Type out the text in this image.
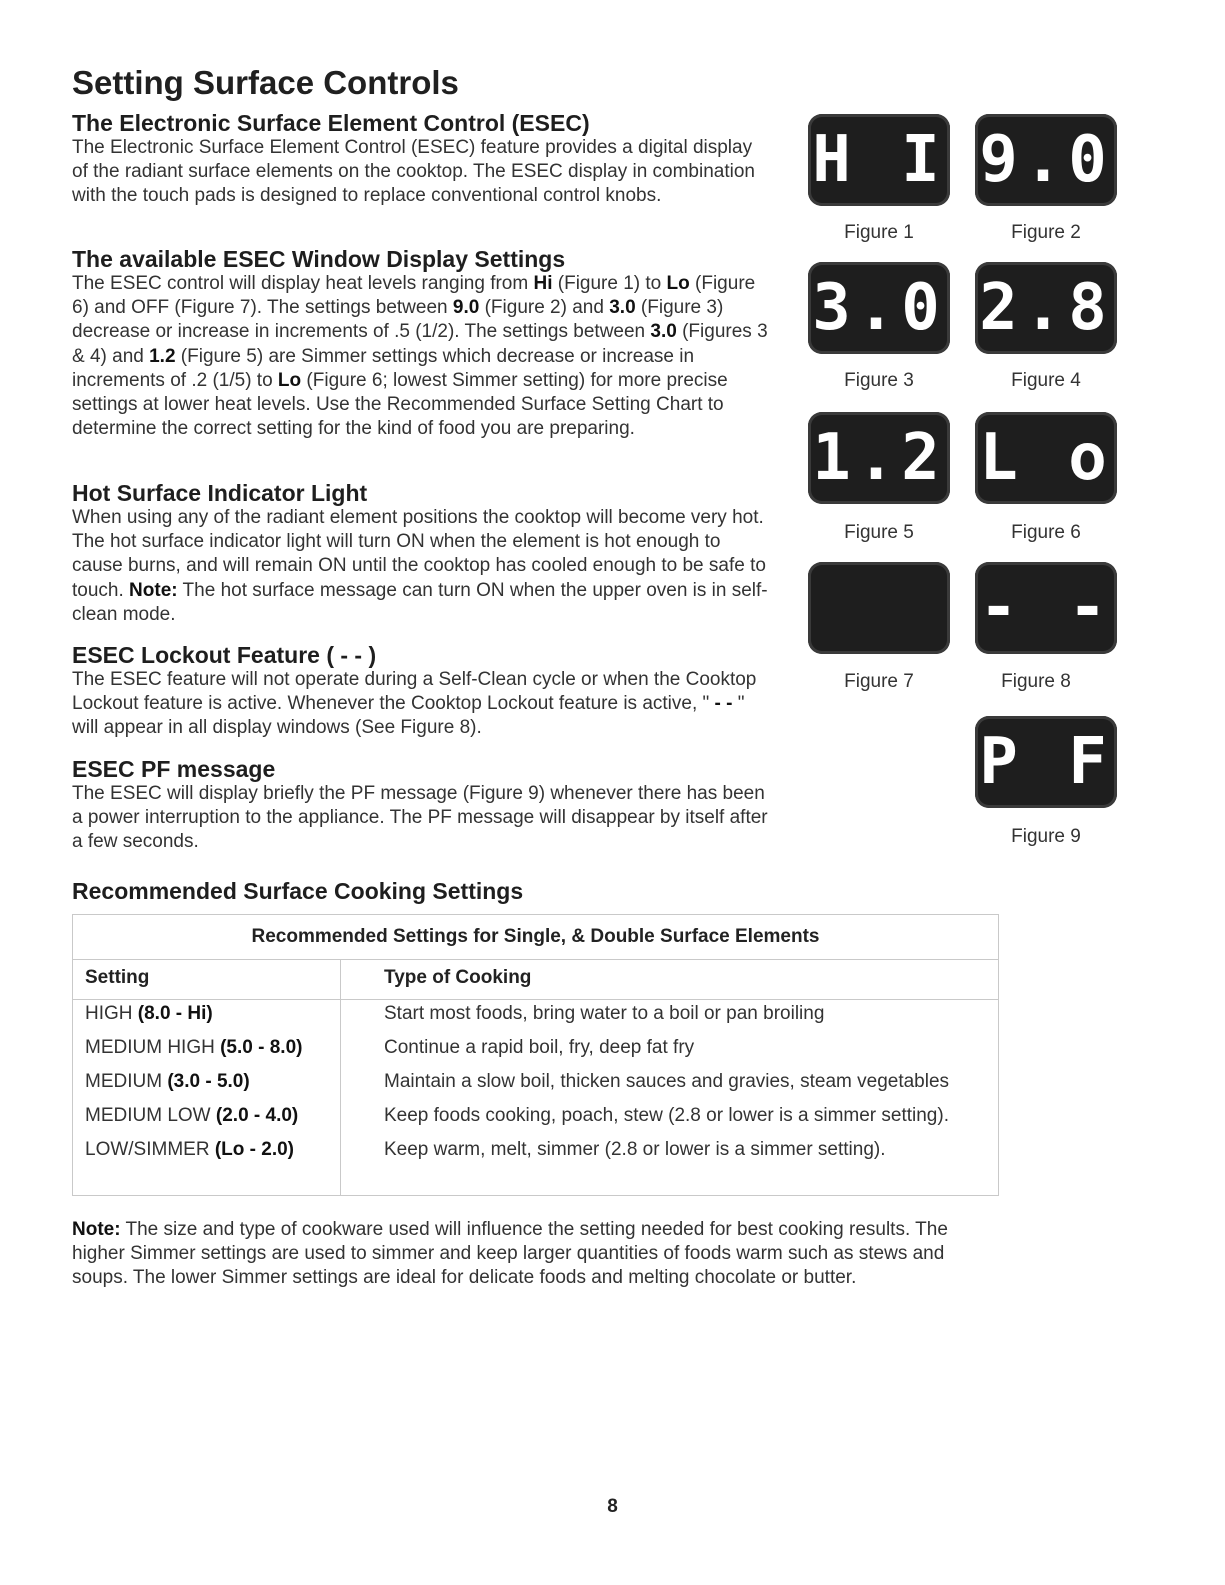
Setting Surface Controls
The Electronic Surface Element Control (ESEC)

The Electronic Surface Element Control (ESEC) feature provides a digital display of the radiant surface elements on the cooktop. The ESEC display in combination with the touch pads is designed to replace conventional control knobs.

The available ESEC Window Display Settings

The ESEC control will display heat levels ranging from Hi (Figure 1) to Lo (Figure 6) and OFF (Figure 7). The settings between 9.0 (Figure 2) and 3.0 (Figure 3) decrease or increase in increments of .5 (1/2). The settings between 3.0 (Figures 3 & 4) and 1.2 (Figure 5) are Simmer settings which decrease or increase in increments of .2 (1/5) to Lo (Figure 6; lowest Simmer setting) for more precise settings at lower heat levels. Use the Recommended Surface Setting Chart to determine the correct setting for the kind of food you are preparing.

Hot Surface Indicator Light

When using any of the radiant element positions the cooktop will become very hot. The hot surface indicator light will turn ON when the element is hot enough to cause burns, and will remain ON until the cooktop has cooled enough to be safe to touch. Note: The hot surface message can turn ON when the upper oven is in self-clean mode.

ESEC Lockout Feature ( - - )

The ESEC feature will not operate during a Self-Clean cycle or when the Cooktop Lockout feature is active. Whenever the Cooktop Lockout feature is active, " - - " will appear in all display windows (See Figure 8).

ESEC PF message

The ESEC will display briefly the PF message (Figure 9) whenever there has been a power interruption to the appliance. The PF message will disappear by itself after a few seconds.

H I
Figure 1
9.0
Figure 2
3.0
Figure 3
2.8
Figure 4
1.2
Figure 5
L o
Figure 6
Figure 7
- -
Figure 8
P F
Figure 9
Recommended Surface Cooking Settings
Recommended Settings for Single, & Double Surface Elements
Setting	Type of Cooking
HIGH (8.0 - Hi)	Start most foods, bring water to a boil or pan broiling
MEDIUM HIGH (5.0 - 8.0)	Continue a rapid boil, fry, deep fat fry
MEDIUM (3.0 - 5.0)	Maintain a slow boil, thicken sauces and gravies, steam vegetables
MEDIUM LOW (2.0 - 4.0)	Keep foods cooking, poach, stew (2.8 or lower is a simmer setting).
LOW/SIMMER (Lo - 2.0)	Keep warm, melt, simmer (2.8 or lower is a simmer setting).

Note: The size and type of cookware used will influence the setting needed for best cooking results. The higher Simmer settings are used to simmer and keep larger quantities of foods warm such as stews and soups. The lower Simmer settings are ideal for delicate foods and melting chocolate or butter.

8
